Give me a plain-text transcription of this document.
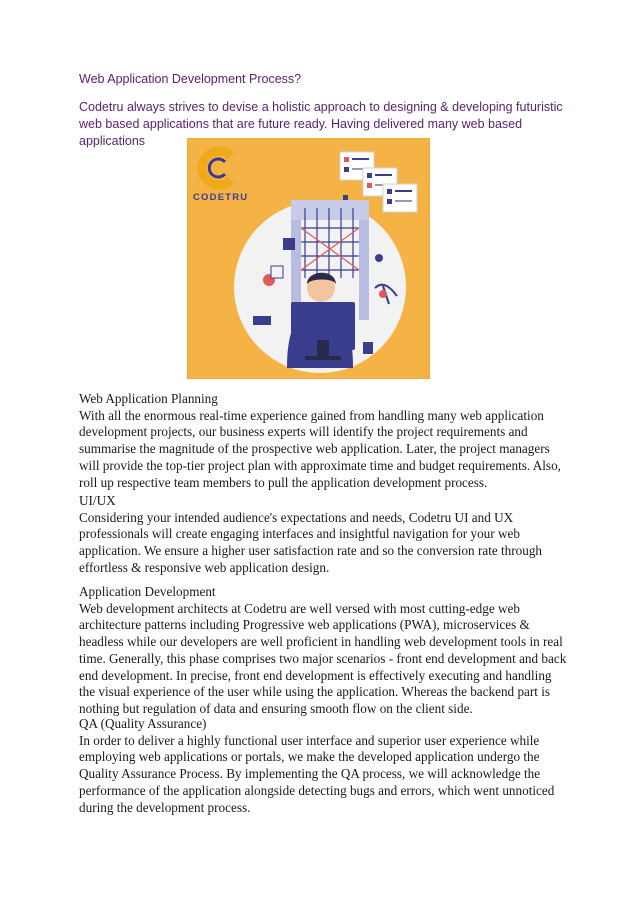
Web Application Development Process?
Codetru always strives to devise a holistic approach to designing & developing futuristic web based applications that are future ready. Having delivered many web based applications
CODETRU

Web Application Planning

With all the enormous real-time experience gained from handling many web application development projects, our business experts will identify the project requirements and summarise the magnitude of the prospective web application. Later, the project managers will provide the top-tier project plan with approximate time and budget requirements. Also, roll up respective team members to pull the application development process.

UI/UX

Considering your intended audience's expectations and needs, Codetru UI and UX professionals will create engaging interfaces and insightful navigation for your web application. We ensure a higher user satisfaction rate and so the conversion rate through effortless & responsive web application design.

Application Development

Web development architects at Codetru are well versed with most cutting-edge web architecture patterns including Progressive web applications (PWA), microservices & headless while our developers are well proficient in handling web development tools in real time. Generally, this phase comprises two major scenarios - front end development and back end development. In precise, front end development is effectively executing and handling the visual experience of the user while using the application. Whereas the backend part is nothing but regulation of data and ensuring smooth flow on the client side.

QA (Quality Assurance)

In order to deliver a highly functional user interface and superior user experience while employing web applications or portals, we make the developed application undergo the Quality Assurance Process. By implementing the QA process, we will acknowledge the performance of the application alongside detecting bugs and errors, which went unnoticed during the development process.
